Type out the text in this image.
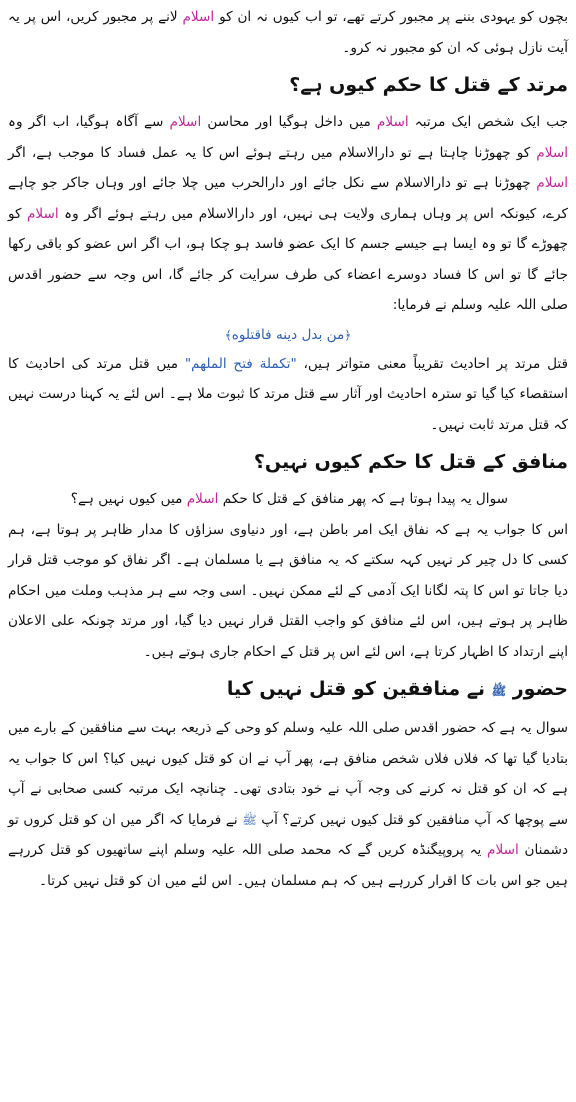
بچوں کو یہودی بننے پر مجبور کرتے تھے، تو اب کیوں نہ ان کو اسلام لانے پر مجبور کریں، اس پر یہ آیت نازل ہوئی کہ ان کو مجبور نہ کرو۔

مرتد کے قتل کا حکم کیوں ہے؟

جب ایک شخص ایک مرتبہ اسلام میں داخل ہوگیا اور محاسن اسلام سے آگاہ ہوگیا، اب اگر وہ اسلام کو چھوڑنا چاہتا ہے تو دارالاسلام میں رہتے ہوئے اس کا یہ عمل فساد کا موجب ہے، اگر اسلام چھوڑنا ہے تو دارالاسلام سے نکل جائے اور دارالحرب میں چلا جائے اور وہاں جاکر جو چاہے کرے، کیونکہ اس پر وہاں ہماری ولایت ہی نہیں، اور دارالاسلام میں رہتے ہوئے اگر وہ اسلام کو چھوڑے گا تو وہ ایسا ہے جیسے جسم کا ایک عضو فاسد ہو چکا ہو، اب اگر اس عضو کو باقی رکھا جائے گا تو اس کا فساد دوسرے اعضاء کی طرف سرایت کر جائے گا، اس وجہ سے حضور اقدس صلی اللہ علیہ وسلم نے فرمایا:

﴿من بدل دينه فاقتلوه﴾

قتل مرتد پر احادیث تقریباً معنی متواتر ہیں، "تکملة فتح الملهم" میں قتل مرتد کی احادیث کا استقصاء کیا گیا تو سترہ احادیث اور آثار سے قتل مرتد کا ثبوت ملا ہے۔ اس لئے یہ کہنا درست نہیں کہ قتل مرتد ثابت نہیں۔

منافق کے قتل کا حکم کیوں نہیں؟

سوال یہ پیدا ہوتا ہے کہ پھر منافق کے قتل کا حکم اسلام میں کیوں نہیں ہے؟

اس کا جواب یہ ہے کہ نفاق ایک امر باطن ہے، اور دنیاوی سزاؤں کا مدار ظاہر پر ہوتا ہے، ہم کسی کا دل چیر کر نہیں کہہ سکتے کہ یہ منافق ہے یا مسلمان ہے۔ اگر نفاق کو موجب قتل قرار دیا جاتا تو اس کا پتہ لگانا ایک آدمی کے لئے ممکن نہیں۔ اسی وجہ سے ہر مذہب وملت میں احکام ظاہر پر ہوتے ہیں، اس لئے منافق کو واجب القتل قرار نہیں دیا گیا، اور مرتد چونکہ علی الاعلان اپنے ارتداد کا اظہار کرتا ہے، اس لئے اس پر قتل کے احکام جاری ہوتے ہیں۔

حضور ﷺ نے منافقین کو قتل نہیں کیا

سوال یہ ہے کہ حضور اقدس صلی اللہ علیہ وسلم کو وحی کے ذریعہ بہت سے منافقین کے بارے میں بتادیا گیا تھا کہ فلاں فلاں شخص منافق ہے، پھر آپ نے ان کو قتل کیوں نہیں کیا؟ اس کا جواب یہ ہے کہ ان کو قتل نہ کرنے کی وجہ آپ نے خود بتادی تھی۔ چنانچہ ایک مرتبہ کسی صحابی نے آپ سے پوچھا کہ آپ منافقین کو قتل کیوں نہیں کرتے؟ آپ ﷺ نے فرمایا کہ اگر میں ان کو قتل کروں تو دشمنان اسلام یہ پروپیگنڈہ کریں گے کہ محمد صلی اللہ علیہ وسلم اپنے ساتھیوں کو قتل کررہے ہیں جو اس بات کا اقرار کررہے ہیں کہ ہم مسلمان ہیں۔ اس لئے میں ان کو قتل نہیں کرتا۔
